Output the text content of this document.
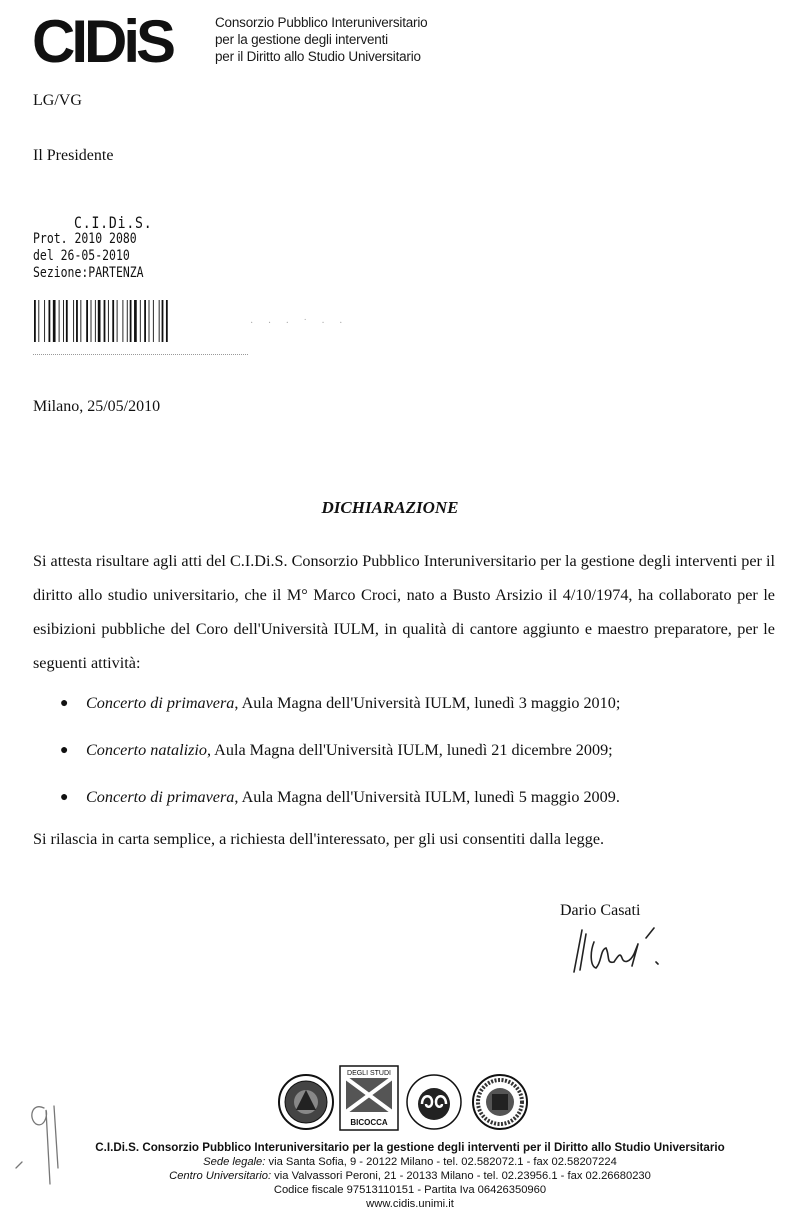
CIDiS	Consorzio Pubblico Interuniversitario
per la gestione degli interventi
per il Diritto allo Studio Universitario
LG/VG
Il Presidente
C.I.Di.S.
Prot. 2010 2080
del 26-05-2010
Sezione:PARTENZA
· · · ˙ · ·
Milano, 25/05/2010
DICHIARAZIONE

Si attesta risultare agli atti del C.I.Di.S. Consorzio Pubblico Interuniversitario per la gestione degli interventi per il diritto allo studio universitario, che il M° Marco Croci, nato a Busto Arsizio il 4/10/1974, ha collaborato per le esibizioni pubbliche del Coro dell'Università IULM, in qualità di cantore aggiunto e maestro preparatore, per le seguenti attività:

● Concerto di primavera, Aula Magna dell'Università IULM, lunedì 3 maggio 2010;
● Concerto natalizio, Aula Magna dell'Università IULM, lunedì 21 dicembre 2009;
● Concerto di primavera, Aula Magna dell'Università IULM, lunedì 5 maggio 2009.
Si rilascia in carta semplice, a richiesta dell'interessato, per gli usi consentiti dalla legge.
Dario Casati
DEGLI STUDI
BICOCCA
C.I.Di.S. Consorzio Pubblico Interuniversitario per la gestione degli interventi per il Diritto allo Studio Universitario
Sede legale: via Santa Sofia, 9 - 20122 Milano - tel. 02.582072.1 - fax 02.58207224
Centro Universitario: via Valvassori Peroni, 21 - 20133 Milano - tel. 02.23956.1 - fax 02.26680230
Codice fiscale 97513110151 - Partita Iva 06426350960
www.cidis.unimi.it
